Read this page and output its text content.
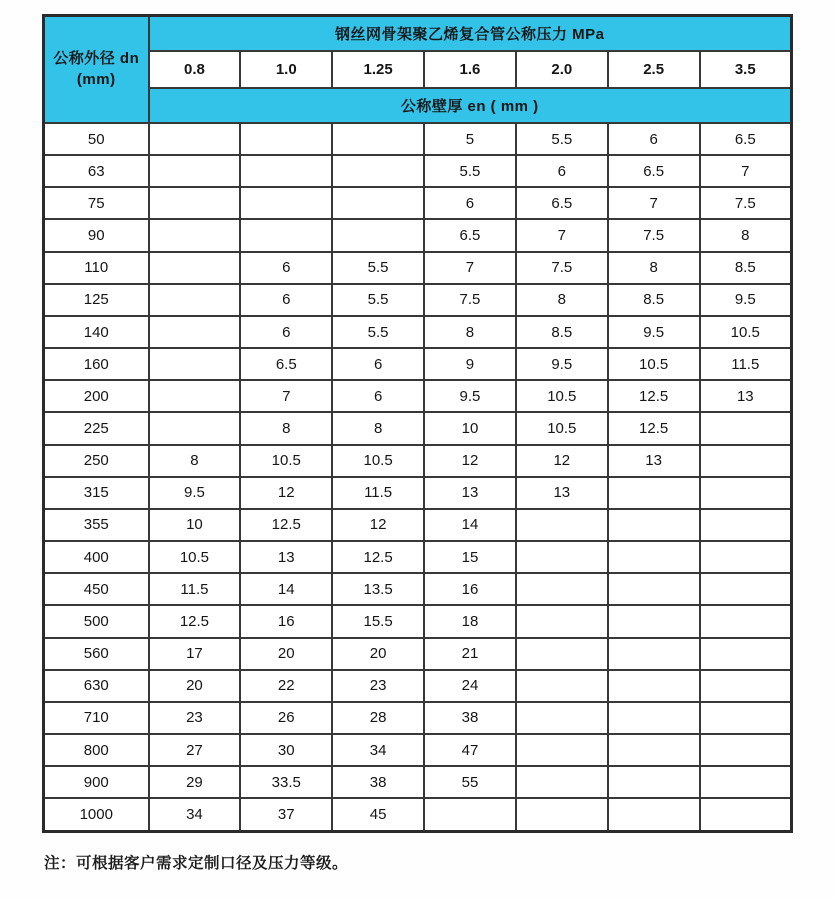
公称外径 dn
(mm)	钢丝网骨架聚乙烯复合管公称压力 MPa						
	0.8	1.0	1.25	1.6	2.0	2.5	3.5
	公称壁厚 en ( mm )						
50				5	5.5	6	6.5
63				5.5	6	6.5	7
75				6	6.5	7	7.5
90				6.5	7	7.5	8
110		6	5.5	7	7.5	8	8.5
125		6	5.5	7.5	8	8.5	9.5
140		6	5.5	8	8.5	9.5	10.5
160		6.5	6	9	9.5	10.5	11.5
200		7	6	9.5	10.5	12.5	13
225		8	8	10	10.5	12.5	
250	8	10.5	10.5	12	12	13	
315	9.5	12	11.5	13	13		
355	10	12.5	12	14			
400	10.5	13	12.5	15			
450	11.5	14	13.5	16			
500	12.5	16	15.5	18			
560	17	20	20	21			
630	20	22	23	24			
710	23	26	28	38			
800	27	30	34	47			
900	29	33.5	38	55			
1000	34	37	45				
注：可根据客户需求定制口径及压力等级。
